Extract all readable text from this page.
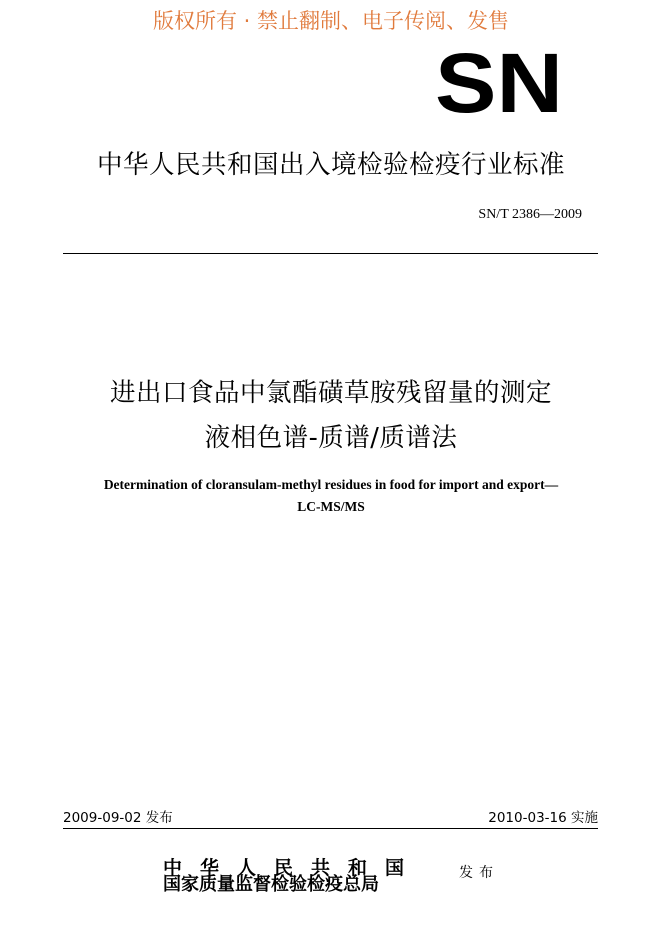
版权所有 · 禁止翻制、电子传阅、发售
SN
中华人民共和国出入境检验检疫行业标准
SN/T 2386—2009
进出口食品中氯酯磺草胺残留量的测定
液相色谱-质谱/质谱法
Determination of cloransulam-methyl residues in food for import and export—
LC-MS/MS
2009-09-02 发布	2010-03-16 实施
中华人民共和国
国家质量监督检验检疫总局
发布
